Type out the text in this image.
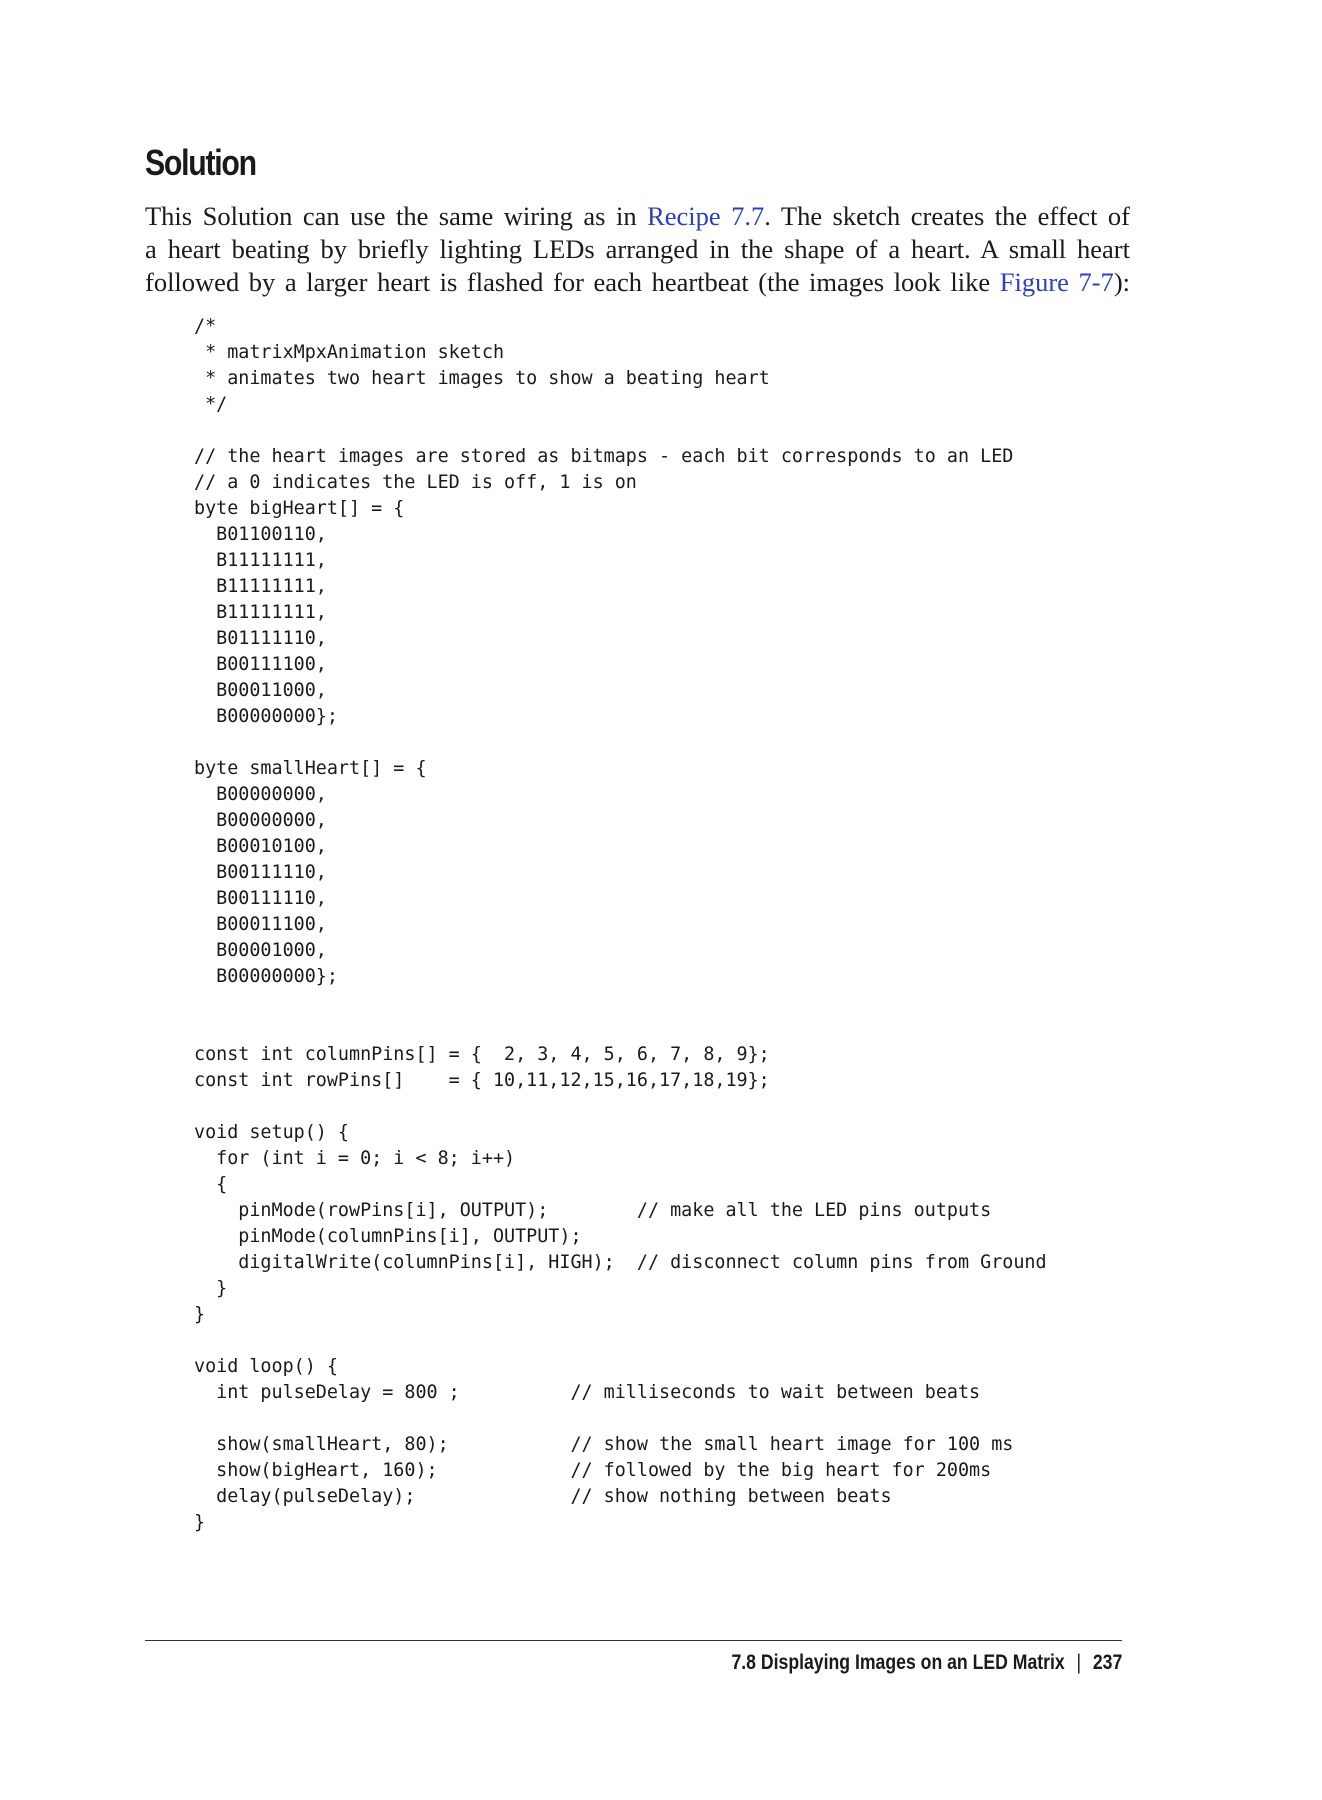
Solution

This Solution can use the same wiring as in Recipe 7.7. The sketch creates the effect of
a heart beating by briefly lighting LEDs arranged in the shape of a heart. A small heart
followed by a larger heart is flashed for each heartbeat (the images look like Figure 7-7):

/*
* matrixMpxAnimation sketch
* animates two heart images to show a beating heart
*/

// the heart images are stored as bitmaps - each bit corresponds to an LED
// a 0 indicates the LED is off, 1 is on
byte bigHeart[] = {
B01100110,
B11111111,
B11111111,
B11111111,
B01111110,
B00111100,
B00011000,
B00000000};

byte smallHeart[] = {
B00000000,
B00000000,
B00010100,
B00111110,
B00111110,
B00011100,
B00001000,
B00000000};

const int columnPins[] = {  2, 3, 4, 5, 6, 7, 8, 9};
const int rowPins[]    = { 10,11,12,15,16,17,18,19};

void setup() {
for (int i = 0; i < 8; i++)
{
pinMode(rowPins[i], OUTPUT);        // make all the LED pins outputs
pinMode(columnPins[i], OUTPUT);
digitalWrite(columnPins[i], HIGH);  // disconnect column pins from Ground
}
}

void loop() {
int pulseDelay = 800 ;          // milliseconds to wait between beats

show(smallHeart, 80);           // show the small heart image for 100 ms
show(bigHeart, 160);            // followed by the big heart for 200ms
delay(pulseDelay);              // show nothing between beats
}
7.8 Displaying Images on an LED Matrix | 237
